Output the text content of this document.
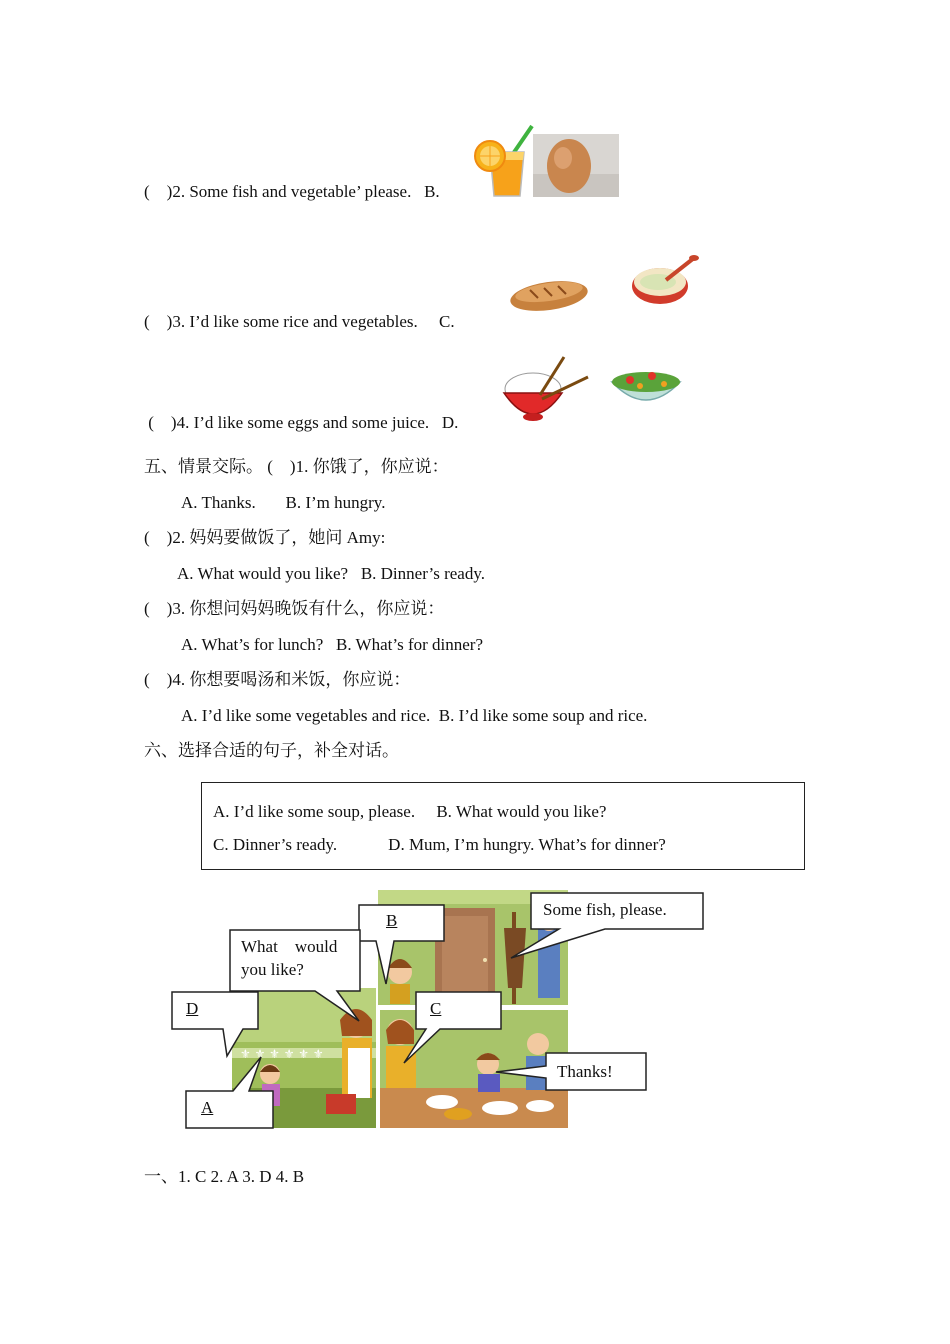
(    )2. Some fish and vegetable’ please.   B.
(    )3. I’d like some rice and vegetables.     C.
(    )4. I’d like some eggs and some juice.   D.
五、情景交际。 (    )1. 你饿了，你应说：
A. Thanks.       B. I’m hungry.
(    )2. 妈妈要做饭了，她问 Amy:
A. What would you like?   B. Dinner’s ready.
(    )3. 你想问妈妈晚饭有什么，你应说：
A. What’s for lunch?   B. What’s for dinner?
(    )4. 你想要喝汤和米饭，你应说：
A. I’d like some vegetables and rice.  B. I’d like some soup and rice.
六、选择合适的句子，补全对话。
A. I’d like some soup, please.     B. What would you like?
C. Dinner’s ready.            D. Mum, I’m hungry. What’s for dinner?
⚜ ⚜ ⚜ ⚜ ⚜ ⚜
B
What    would
you like?
Some fish, please.
D	C
Thanks!
A
一、1. C 2. A 3. D 4. B
